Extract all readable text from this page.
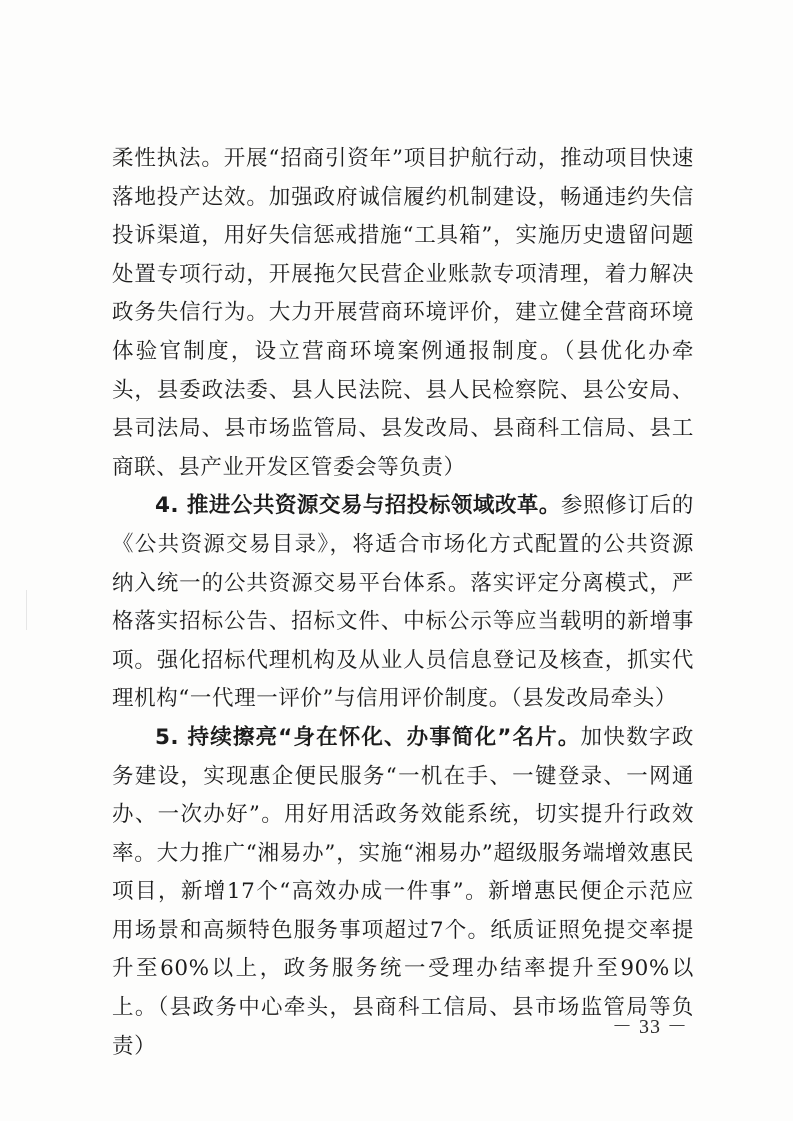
柔性执法。开展“招商引资年”项目护航行动，推动项目快速落地投产达效。加强政府诚信履约机制建设，畅通违约失信投诉渠道，用好失信惩戒措施“工具箱”，实施历史遗留问题处置专项行动，开展拖欠民营企业账款专项清理，着力解决政务失信行为。大力开展营商环境评价，建立健全营商环境体验官制度，设立营商环境案例通报制度。（县优化办牵头，县委政法委、县人民法院、县人民检察院、县公安局、县司法局、县市场监管局、县发改局、县商科工信局、县工商联、县产业开发区管委会等负责）

4. 推进公共资源交易与招投标领域改革。参照修订后的《公共资源交易目录》，将适合市场化方式配置的公共资源纳入统一的公共资源交易平台体系。落实评定分离模式，严格落实招标公告、招标文件、中标公示等应当载明的新增事项。强化招标代理机构及从业人员信息登记及核查，抓实代理机构“一代理一评价”与信用评价制度。（县发改局牵头）

5. 持续擦亮“身在怀化、办事简化”名片。加快数字政务建设，实现惠企便民服务“一机在手、一键登录、一网通办、一次办好”。用好用活政务效能系统，切实提升行政效率。大力推广“湘易办”，实施“湘易办”超级服务端增效惠民项目，新增17个“高效办成一件事”。新增惠民便企示范应用场景和高频特色服务事项超过7个。纸质证照免提交率提升至60%以上，政务服务统一受理办结率提升至90%以上。（县政务中心牵头，县商科工信局、县市场监管局等负责）

－ 33 －
